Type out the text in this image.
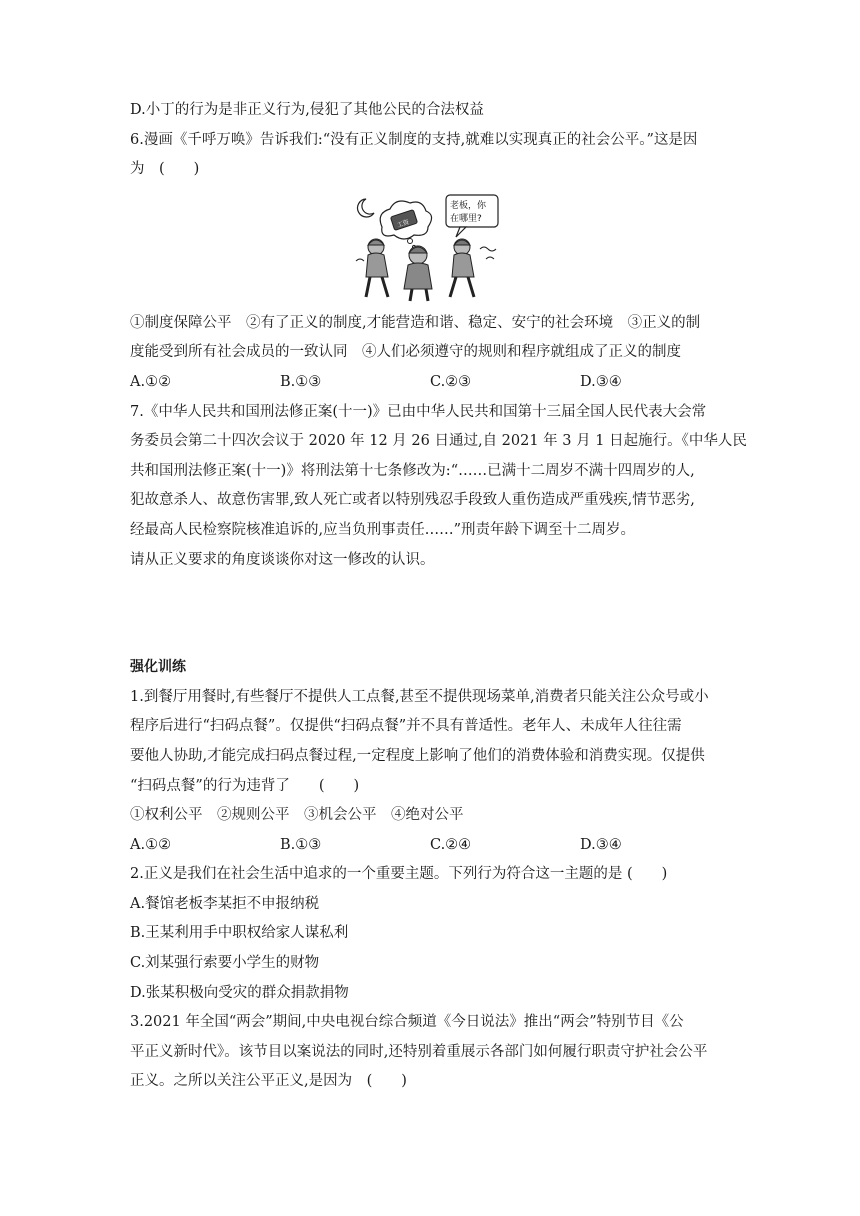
D.小丁的行为是非正义行为,侵犯了其他公民的合法权益
6.漫画《千呼万唤》告诉我们:“没有正义制度的支持,就难以实现真正的社会公平。”这是因
为　(　　)
工资
老板，你
在哪里?
①制度保障公平　②有了正义的制度,才能营造和谐、稳定、安宁的社会环境　③正义的制
度能受到所有社会成员的一致认同　④人们必须遵守的规则和程序就组成了正义的制度
A.①②	B.①③	C.②③	D.③④
7.《中华人民共和国刑法修正案(十一)》已由中华人民共和国第十三届全国人民代表大会常
务委员会第二十四次会议于 2020 年 12 月 26 日通过,自 2021 年 3 月 1 日起施行。《中华人民
共和国刑法修正案(十一)》将刑法第十七条修改为:“……已满十二周岁不满十四周岁的人,
犯故意杀人、故意伤害罪,致人死亡或者以特别残忍手段致人重伤造成严重残疾,情节恶劣,
经最高人民检察院核准追诉的,应当负刑事责任……”刑责年龄下调至十二周岁。
请从正义要求的角度谈谈你对这一修改的认识。
强化训练
1.到餐厅用餐时,有些餐厅不提供人工点餐,甚至不提供现场菜单,消费者只能关注公众号或小
程序后进行“扫码点餐”。仅提供“扫码点餐”并不具有普适性。老年人、未成年人往往需
要他人协助,才能完成扫码点餐过程,一定程度上影响了他们的消费体验和消费实现。仅提供
“扫码点餐”的行为违背了　　(　　)
①权利公平　②规则公平　③机会公平　④绝对公平
A.①②	B.①③	C.②④	D.③④
2.正义是我们在社会生活中追求的一个重要主题。下列行为符合这一主题的是 (　　)
A.餐馆老板李某拒不申报纳税
B.王某利用手中职权给家人谋私利
C.刘某强行索要小学生的财物
D.张某积极向受灾的群众捐款捐物
3.2021 年全国“两会”期间,中央电视台综合频道《今日说法》推出“两会”特别节目《公
平正义新时代》。该节目以案说法的同时,还特别着重展示各部门如何履行职责守护社会公平
正义。之所以关注公平正义,是因为　(　　)
